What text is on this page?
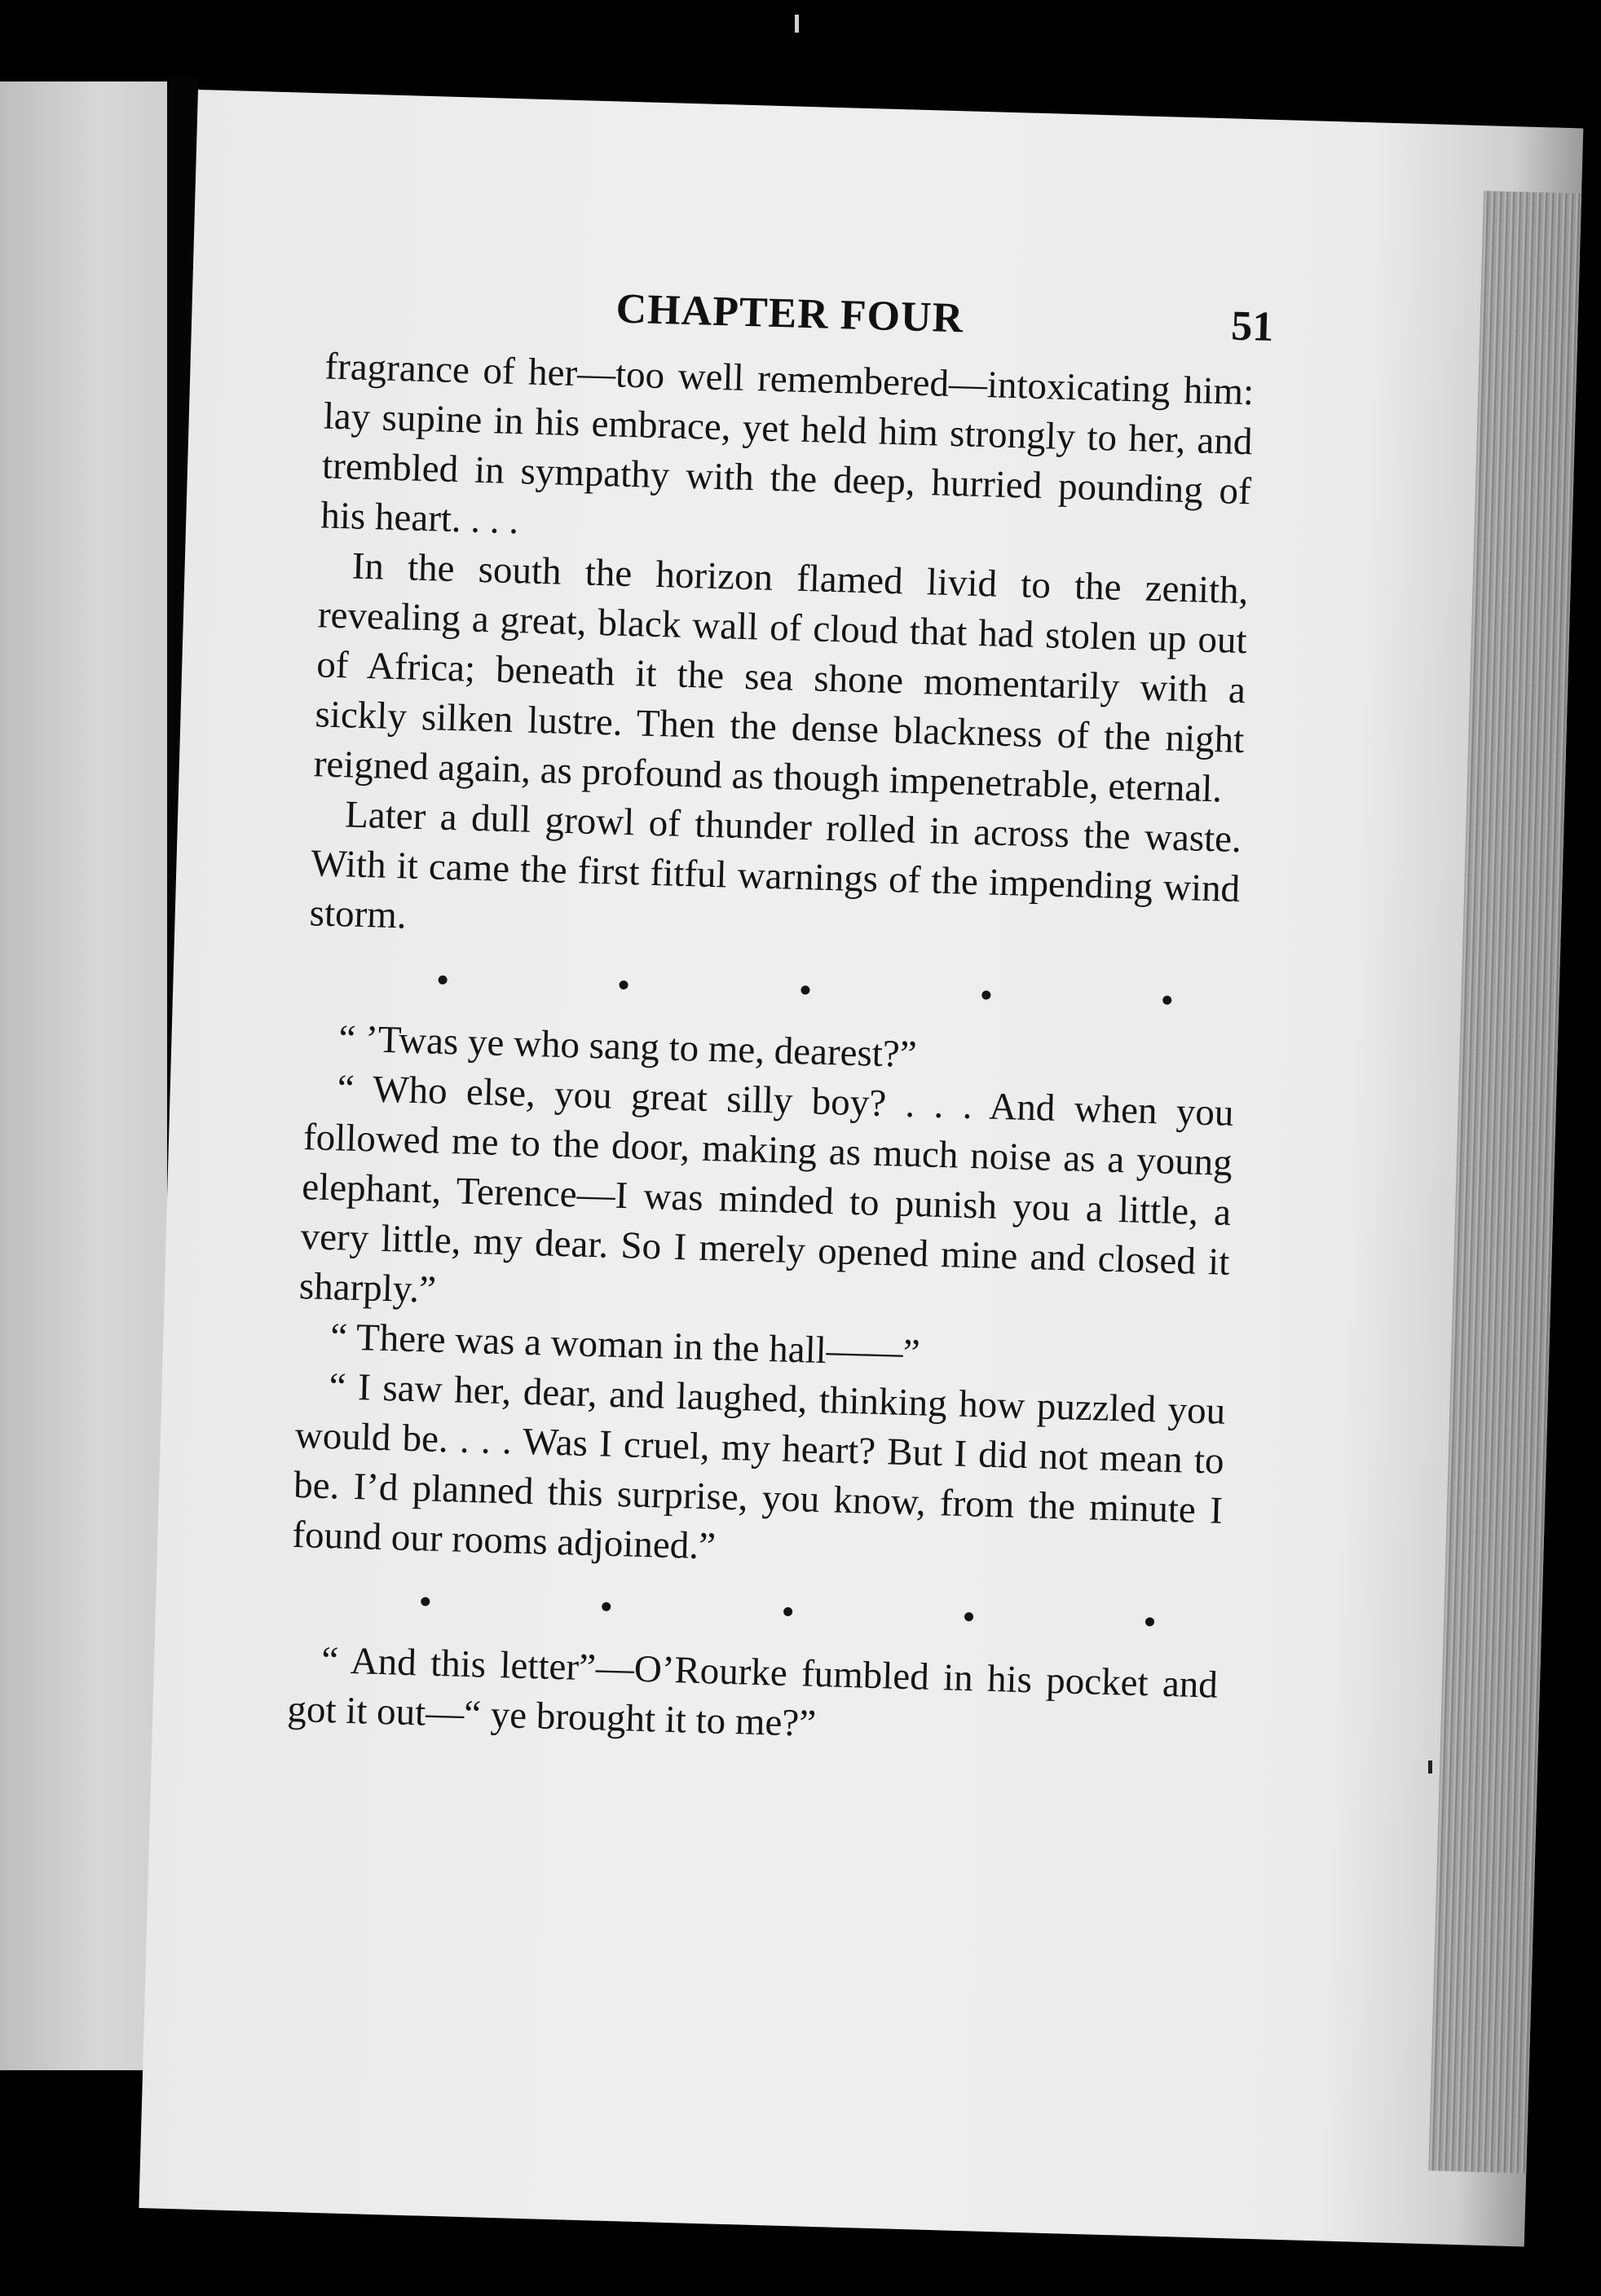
CHAPTER FOUR	51

fragrance of her—too well remembered—intoxicating him: lay supine in his embrace, yet held him strongly to her, and trembled in sympathy with the deep, hurried pounding of his heart. . . .

In the south the horizon flamed livid to the zenith, revealing a great, black wall of cloud that had stolen up out of Africa; beneath it the sea shone momentarily with a sickly silken lustre. Then the dense blackness of the night reigned again, as profound as though impenetrable, eternal.

Later a dull growl of thunder rolled in across the waste. With it came the first fitful warnings of the impending wind storm.

“ ’Twas ye who sang to me, dearest?”

“ Who else, you great silly boy? . . . And when you followed me to the door, making as much noise as a young elephant, Terence—I was minded to punish you a little, a very little, my dear. So I merely opened mine and closed it sharply.”

“ There was a woman in the hall——”

“ I saw her, dear, and laughed, thinking how puzzled you would be. . . . Was I cruel, my heart? But I did not mean to be. I’d planned this surprise, you know, from the minute I found our rooms adjoined.”

“ And this letter”—O’Rourke fumbled in his pocket and got it out—“ ye brought it to me?”
